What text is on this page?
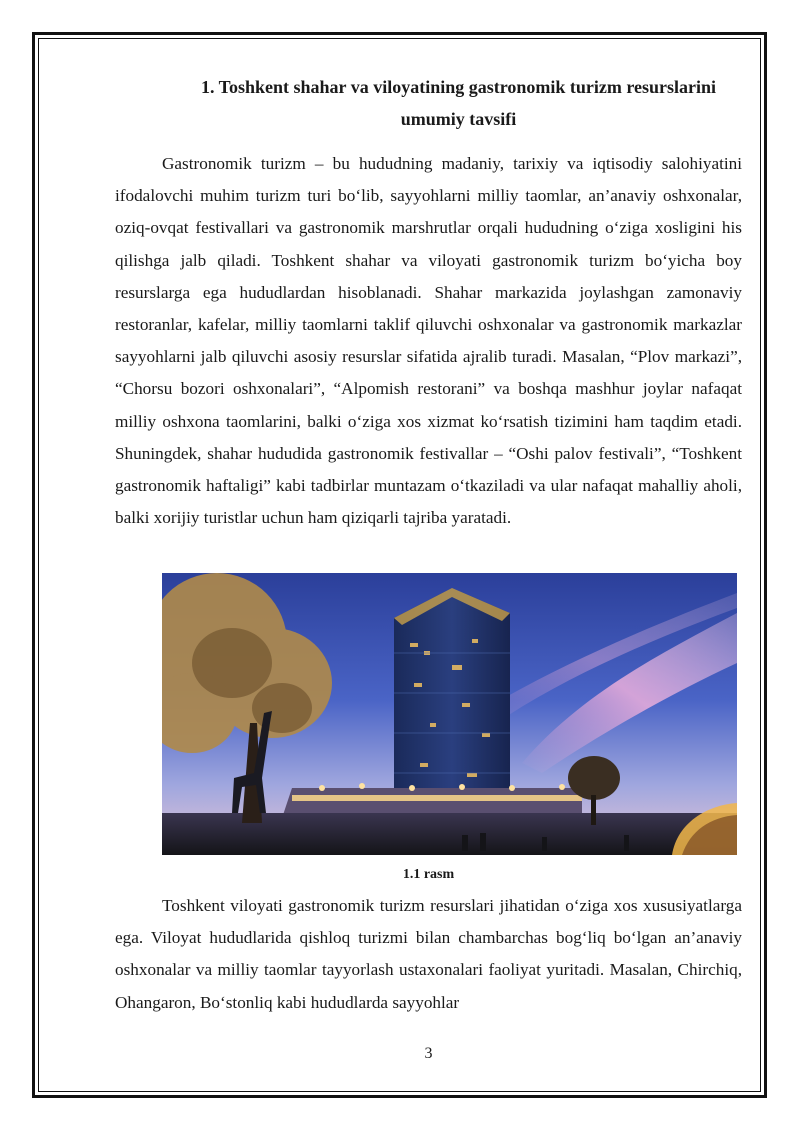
1. Toshkent shahar va viloyatining gastronomik turizm resurslarini
umumiy tavsifi

Gastronomik turizm – bu hududning madaniy, tarixiy va iqtisodiy salohiyatini ifodalovchi muhim turizm turi bo‘lib, sayyohlarni milliy taomlar, an’anaviy oshxonalar, oziq-ovqat festivallari va gastronomik marshrutlar orqali hududning o‘ziga xosligini his qilishga jalb qiladi. Toshkent shahar va viloyati gastronomik turizm bo‘yicha boy resurslarga ega hududlardan hisoblanadi. Shahar markazida joylashgan zamonaviy restoranlar, kafelar, milliy taomlarni taklif qiluvchi oshxonalar va gastronomik markazlar sayyohlarni jalb qiluvchi asosiy resurslar sifatida ajralib turadi. Masalan, “Plov markazi”, “Chorsu bozori oshxonalari”, “Alpomish restorani” va boshqa mashhur joylar nafaqat milliy oshxona taomlarini, balki o‘ziga xos xizmat ko‘rsatish tizimini ham taqdim etadi. Shuningdek, shahar hududida gastronomik festivallar – “Oshi palov festivali”, “Toshkent gastronomik haftaligi” kabi tadbirlar muntazam o‘tkaziladi va ular nafaqat mahalliy aholi, balki xorijiy turistlar uchun ham qiziqarli tajriba yaratadi.

1.1 rasm

Toshkent viloyati gastronomik turizm resurslari jihatidan o‘ziga xos xususiyatlarga ega. Viloyat hududlarida qishloq turizmi bilan chambarchas bog‘liq bo‘lgan an’anaviy oshxonalar va milliy taomlar tayyorlash ustaxonalari faoliyat yuritadi. Masalan, Chirchiq, Ohangaron, Bo‘stonliq kabi hududlarda sayyohlar

3
